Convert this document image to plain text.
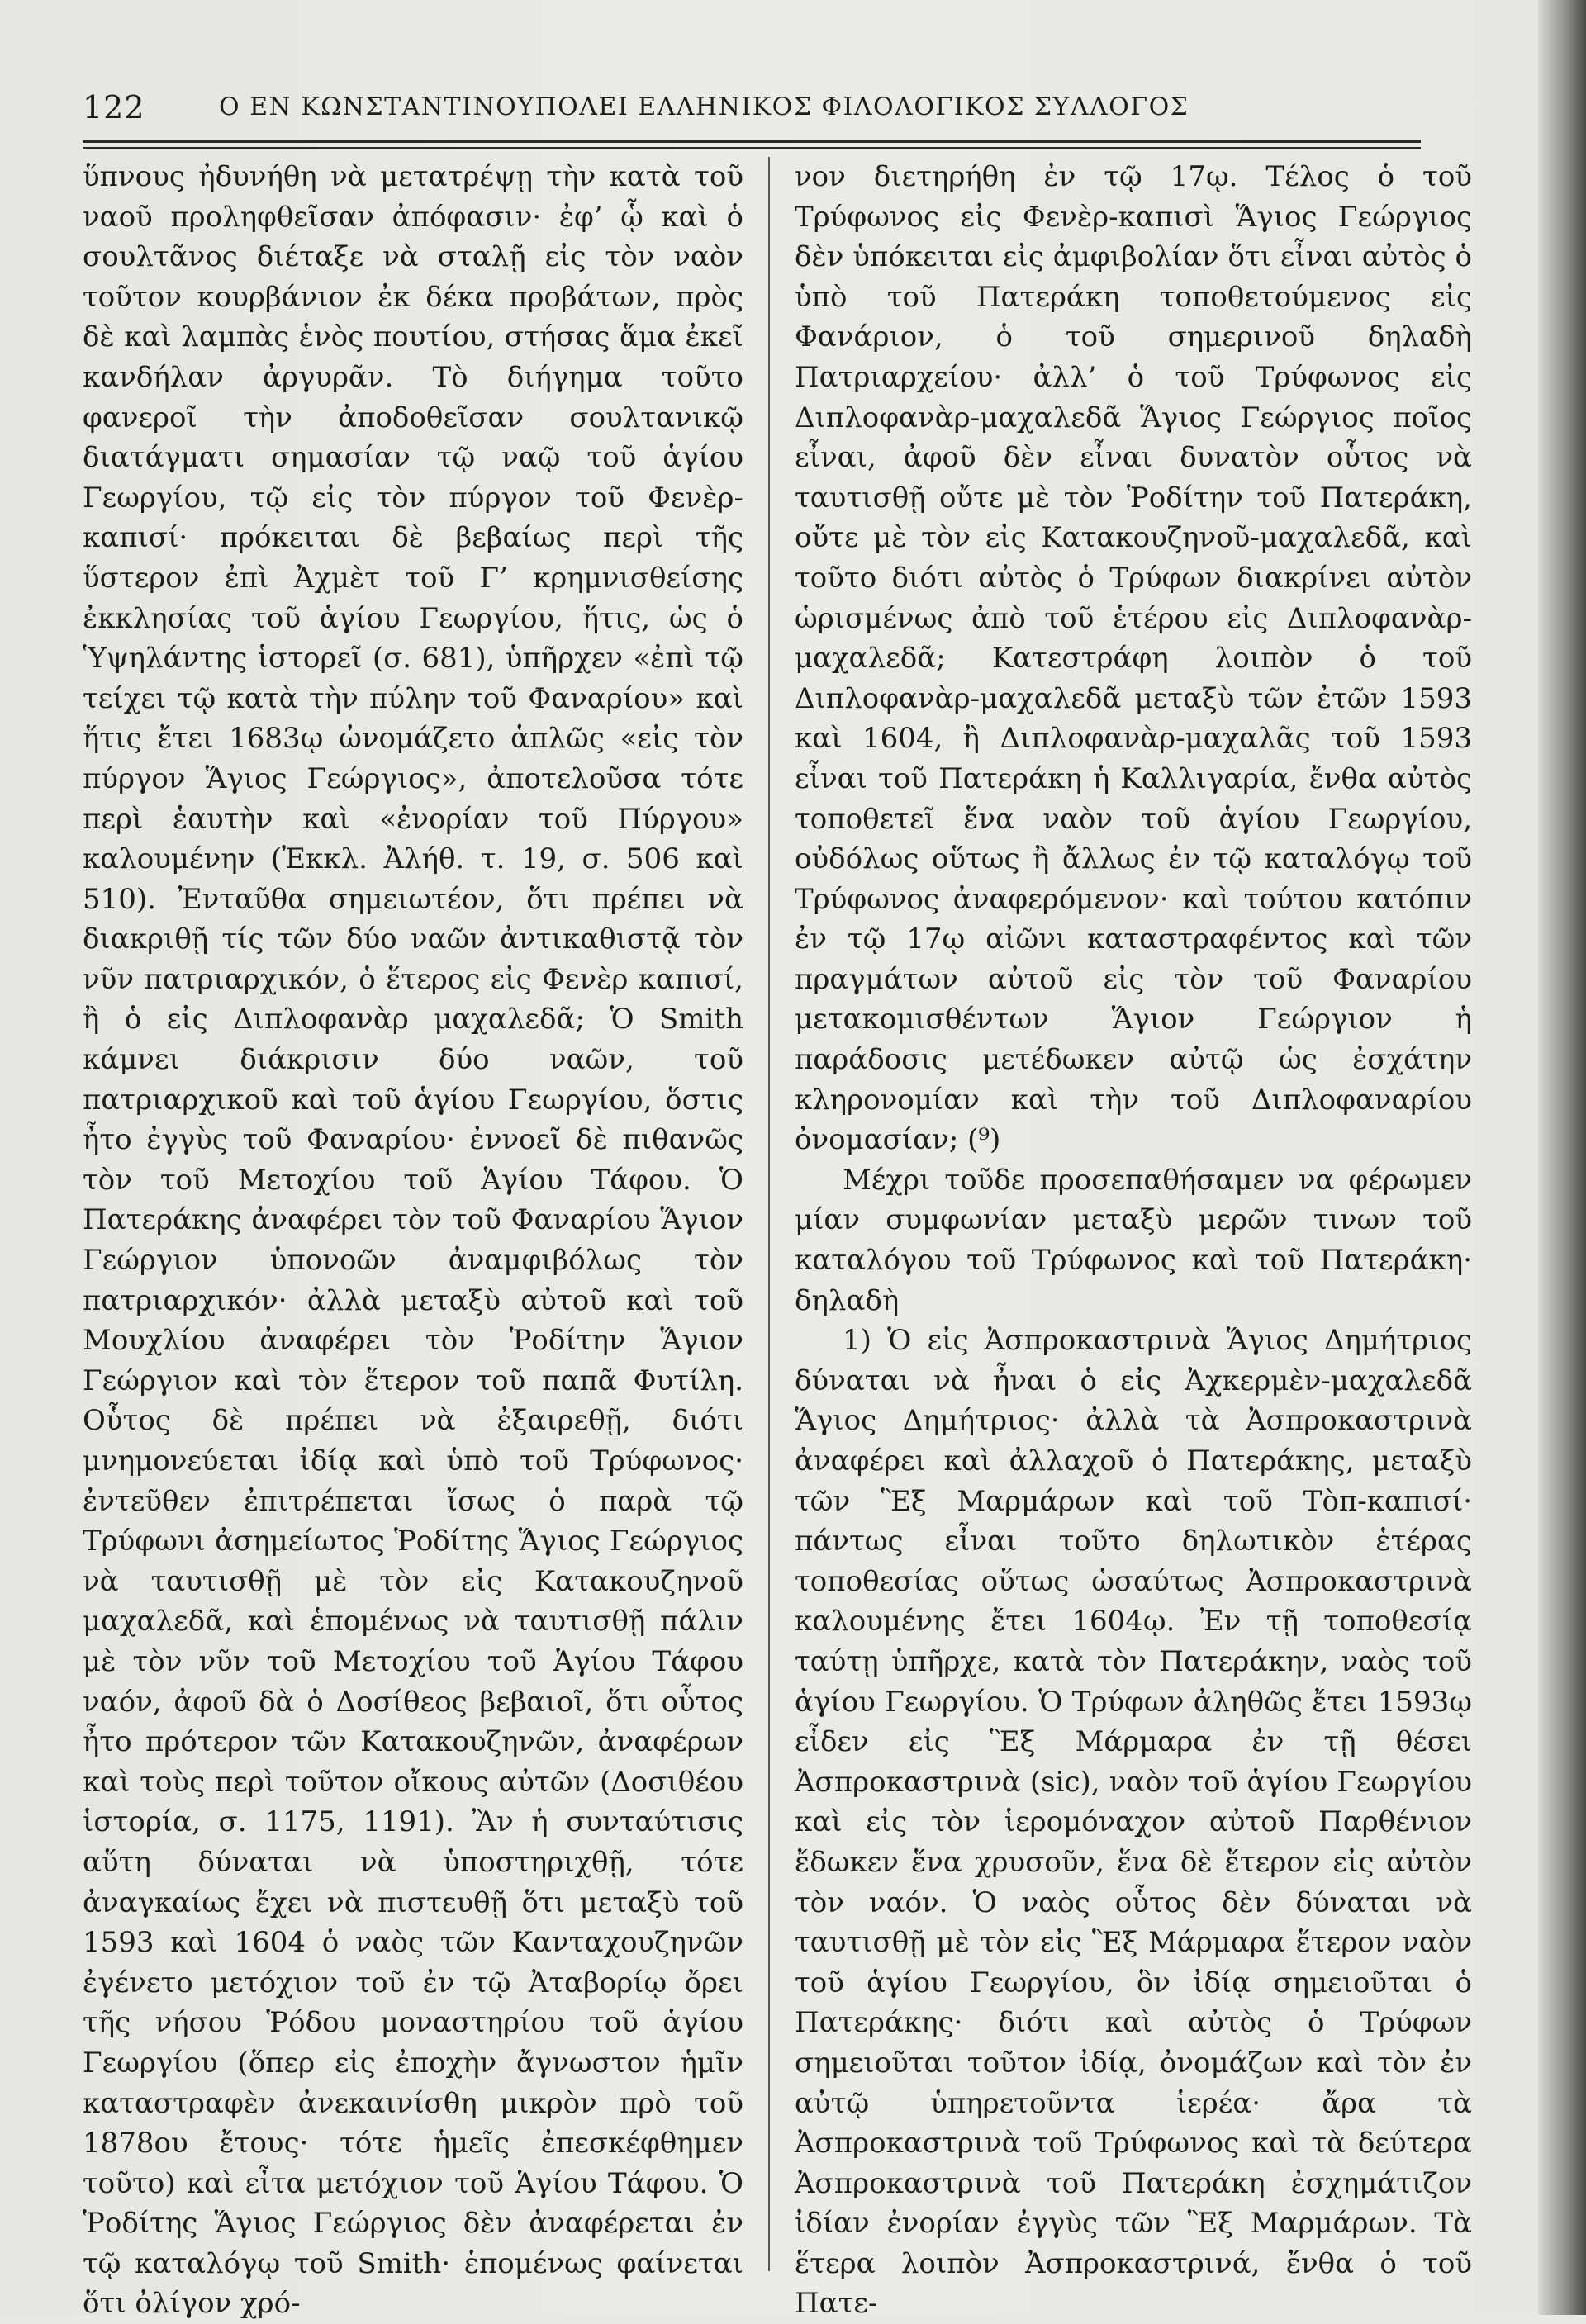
122	Ο ΕΝ ΚΩΝΣΤΑΝΤΙΝΟΥΠΟΛΕΙ ΕΛΛΗΝΙΚΟΣ ΦΙΛΟΛΟΓΙΚΟΣ ΣΥΛΛΟΓΟΣ

ὕπνους ἠδυνήθη νὰ μετατρέψῃ τὴν κατὰ τοῦ ναοῦ προληφθεῖσαν ἀπόφασιν· ἐφ’ ᾧ καὶ ὁ σουλτᾶνος διέταξε νὰ σταλῇ εἰς τὸν ναὸν τοῦτον κουρβάνιον ἐκ δέκα προβάτων, πρὸς δὲ καὶ λαμπὰς ἑνὸς πουτίου, στήσας ἅμα ἐκεῖ κανδήλαν ἀργυρᾶν. Τὸ διήγημα τοῦτο φανεροῖ τὴν ἀποδοθεῖσαν σουλτανικῷ διατάγματι σημασίαν τῷ ναῷ τοῦ ἁγίου Γεωργίου, τῷ εἰς τὸν πύργον τοῦ Φενὲρ-καπισί· πρόκειται δὲ βεβαίως περὶ τῆς ὕστερον ἐπὶ Ἀχμὲτ τοῦ Γ’ κρημνισθείσης ἐκκλησίας τοῦ ἁγίου Γεωργίου, ἥτις, ὡς ὁ Ὑψηλάντης ἱστορεῖ (σ. 681), ὑπῆρχεν «ἐπὶ τῷ τείχει τῷ κατὰ τὴν πύλην τοῦ Φαναρίου» καὶ ἥτις ἔτει 1683ῳ ὠνομάζετο ἁπλῶς «εἰς τὸν πύργον Ἅγιος Γεώργιος», ἀποτελοῦσα τότε περὶ ἑαυτὴν καὶ «ἐνορίαν τοῦ Πύργου» καλουμένην (Ἐκκλ. Ἀλήθ. τ. 19, σ. 506 καὶ 510). Ἐνταῦθα σημειωτέον, ὅτι πρέπει νὰ διακριθῇ τίς τῶν δύο ναῶν ἀντικαθιστᾷ τὸν νῦν πατριαρχικόν, ὁ ἕτερος εἰς Φενὲρ καπισί, ἢ ὁ εἰς Διπλοφανὰρ μαχαλεδᾶ; Ὁ Smith κάμνει διάκρισιν δύο ναῶν, τοῦ πατριαρχικοῦ καὶ τοῦ ἁγίου Γεωργίου, ὅστις ἦτο ἐγγὺς τοῦ Φαναρίου· ἐννοεῖ δὲ πιθανῶς τὸν τοῦ Μετοχίου τοῦ Ἁγίου Τάφου. Ὁ Πατεράκης ἀναφέρει τὸν τοῦ Φαναρίου Ἅγιον Γεώργιον ὑπονοῶν ἀναμφιβόλως τὸν πατριαρχικόν· ἀλλὰ μεταξὺ αὐτοῦ καὶ τοῦ Μουχλίου ἀναφέρει τὸν Ῥοδίτην Ἅγιον Γεώργιον καὶ τὸν ἕτερον τοῦ παπᾶ Φυτίλη. Οὗτος δὲ πρέπει νὰ ἐξαιρεθῇ, διότι μνημονεύεται ἰδίᾳ καὶ ὑπὸ τοῦ Τρύφωνος· ἐντεῦθεν ἐπιτρέπεται ἴσως ὁ παρὰ τῷ Τρύφωνι ἀσημείωτος Ῥοδίτης Ἅγιος Γεώργιος νὰ ταυτισθῇ μὲ τὸν εἰς Κατακουζηνοῦ μαχαλεδᾶ, καὶ ἑπομένως νὰ ταυτισθῇ πάλιν μὲ τὸν νῦν τοῦ Μετοχίου τοῦ Ἁγίου Τάφου ναόν, ἀφοῦ δὰ ὁ Δοσίθεος βεβαιοῖ, ὅτι οὗτος ἦτο πρότερον τῶν Κατακουζηνῶν, ἀναφέρων καὶ τοὺς περὶ τοῦτον οἴκους αὐτῶν (Δοσιθέου ἱστορία, σ. 1175, 1191). Ἂν ἡ συνταύτισις αὕτη δύναται νὰ ὑποστηριχθῇ, τότε ἀναγκαίως ἔχει νὰ πιστευθῇ ὅτι μεταξὺ τοῦ 1593 καὶ 1604 ὁ ναὸς τῶν Κανταχουζηνῶν ἐγένετο μετόχιον τοῦ ἐν τῷ Ἀταβορίῳ ὄρει τῆς νήσου Ῥόδου μοναστηρίου τοῦ ἁγίου Γεωργίου (ὅπερ εἰς ἐποχὴν ἄγνωστον ἡμῖν καταστραφὲν ἀνεκαινίσθη μικρὸν πρὸ τοῦ 1878ου ἔτους· τότε ἡμεῖς ἐπεσκέφθημεν τοῦτο) καὶ εἶτα μετόχιον τοῦ Ἁγίου Τάφου. Ὁ Ῥοδίτης Ἅγιος Γεώργιος δὲν ἀναφέρεται ἐν τῷ καταλόγῳ τοῦ Smith· ἑπομένως φαίνεται ὅτι ὀλίγον χρό-

νον διετηρήθη ἐν τῷ 17ῳ. Τέλος ὁ τοῦ Τρύφωνος εἰς Φενὲρ-καπισὶ Ἅγιος Γεώργιος δὲν ὑπόκειται εἰς ἀμφιβολίαν ὅτι εἶναι αὐτὸς ὁ ὑπὸ τοῦ Πατεράκη τοποθετούμενος εἰς Φανάριον, ὁ τοῦ σημερινοῦ δηλαδὴ Πατριαρχείου· ἀλλ’ ὁ τοῦ Τρύφωνος εἰς Διπλοφανὰρ-μαχαλεδᾶ Ἅγιος Γεώργιος ποῖος εἶναι, ἀφοῦ δὲν εἶναι δυνατὸν οὗτος νὰ ταυτισθῇ οὔτε μὲ τὸν Ῥοδίτην τοῦ Πατεράκη, οὔτε μὲ τὸν εἰς Κατακουζηνοῦ-μαχαλεδᾶ, καὶ τοῦτο διότι αὐτὸς ὁ Τρύφων διακρίνει αὐτὸν ὡρισμένως ἀπὸ τοῦ ἑτέρου εἰς Διπλοφανὰρ-μαχαλεδᾶ; Κατεστράφη λοιπὸν ὁ τοῦ Διπλοφανὰρ-μαχαλεδᾶ μεταξὺ τῶν ἐτῶν 1593 καὶ 1604, ἢ Διπλοφανὰρ-μαχαλᾶς τοῦ 1593 εἶναι τοῦ Πατεράκη ἡ Καλλιγαρία, ἔνθα αὐτὸς τοποθετεῖ ἕνα ναὸν τοῦ ἁγίου Γεωργίου, οὐδόλως οὕτως ἢ ἄλλως ἐν τῷ καταλόγῳ τοῦ Τρύφωνος ἀναφερόμενον· καὶ τούτου κατόπιν ἐν τῷ 17ῳ αἰῶνι καταστραφέντος καὶ τῶν πραγμάτων αὐτοῦ εἰς τὸν τοῦ Φαναρίου μετακομισθέντων Ἅγιον Γεώργιον ἡ παράδοσις μετέδωκεν αὐτῷ ὡς ἐσχάτην κληρονομίαν καὶ τὴν τοῦ Διπλοφαναρίου ὀνομασίαν; (⁹)

Μέχρι τοῦδε προσεπαθήσαμεν να φέρωμεν μίαν συμφωνίαν μεταξὺ μερῶν τινων τοῦ καταλόγου τοῦ Τρύφωνος καὶ τοῦ Πατεράκη· δηλαδὴ

1) Ὁ εἰς Ἀσπροκαστρινὰ Ἅγιος Δημήτριος δύναται νὰ ἦναι ὁ εἰς Ἀχκερμὲν-μαχαλεδᾶ Ἅγιος Δημήτριος· ἀλλὰ τὰ Ἀσπροκαστρινὰ ἀναφέρει καὶ ἀλλαχοῦ ὁ Πατεράκης, μεταξὺ τῶν Ἓξ Μαρμάρων καὶ τοῦ Τὸπ-καπισί· πάντως εἶναι τοῦτο δηλωτικὸν ἑτέρας τοποθεσίας οὕτως ὡσαύτως Ἀσπροκαστρινὰ καλουμένης ἔτει 1604ῳ. Ἐν τῇ τοποθεσίᾳ ταύτῃ ὑπῆρχε, κατὰ τὸν Πατεράκην, ναὸς τοῦ ἁγίου Γεωργίου. Ὁ Τρύφων ἀληθῶς ἔτει 1593ῳ εἶδεν εἰς Ἓξ Μάρμαρα ἐν τῇ θέσει Ἀσπροκαστρινὰ (sic), ναὸν τοῦ ἁγίου Γεωργίου καὶ εἰς τὸν ἱερομόναχον αὐτοῦ Παρθένιον ἔδωκεν ἕνα χρυσοῦν, ἕνα δὲ ἕτερον εἰς αὐτὸν τὸν ναόν. Ὁ ναὸς οὗτος δὲν δύναται νὰ ταυτισθῇ μὲ τὸν εἰς Ἓξ Μάρμαρα ἕτερον ναὸν τοῦ ἁγίου Γεωργίου, ὃν ἰδίᾳ σημειοῦται ὁ Πατεράκης· διότι καὶ αὐτὸς ὁ Τρύφων σημειοῦται τοῦτον ἰδίᾳ, ὀνομάζων καὶ τὸν ἐν αὐτῷ ὑπηρετοῦντα ἱερέα· ἄρα τὰ Ἀσπροκαστρινὰ τοῦ Τρύφωνος καὶ τὰ δεύτερα Ἀσπροκαστρινὰ τοῦ Πατεράκη ἐσχημάτιζον ἰδίαν ἐνορίαν ἐγγὺς τῶν Ἓξ Μαρμάρων. Τὰ ἕτερα λοιπὸν Ἀσπροκαστρινά, ἔνθα ὁ τοῦ Πατε-
